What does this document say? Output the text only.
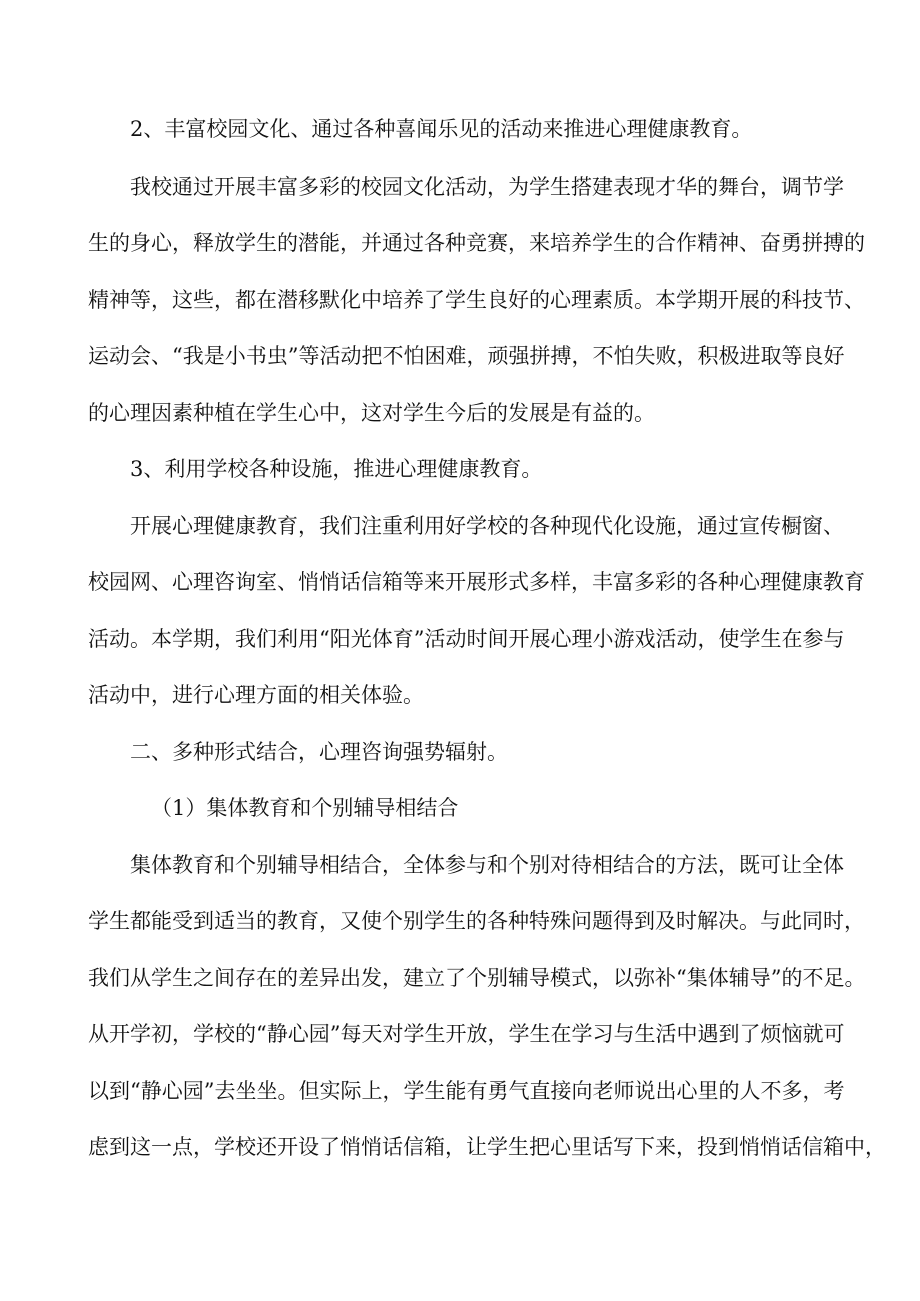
2、丰富校园文化、通过各种喜闻乐见的活动来推进心理健康教育。
我校通过开展丰富多彩的校园文化活动，为学生搭建表现才华的舞台，调节学
生的身心，释放学生的潜能，并通过各种竞赛，来培养学生的合作精神、奋勇拼搏的
精神等，这些，都在潜移默化中培养了学生良好的心理素质。本学期开展的科技节、
运动会、“我是小书虫”等活动把不怕困难，顽强拼搏，不怕失败，积极进取等良好
的心理因素种植在学生心中，这对学生今后的发展是有益的。
3、利用学校各种设施，推进心理健康教育。
开展心理健康教育，我们注重利用好学校的各种现代化设施，通过宣传橱窗、
校园网、心理咨询室、悄悄话信箱等来开展形式多样，丰富多彩的各种心理健康教育
活动。本学期，我们利用“阳光体育”活动时间开展心理小游戏活动，使学生在参与
活动中，进行心理方面的相关体验。
二、多种形式结合，心理咨询强势辐射。
（1）集体教育和个别辅导相结合
集体教育和个别辅导相结合，全体参与和个别对待相结合的方法，既可让全体
学生都能受到适当的教育，又使个别学生的各种特殊问题得到及时解决。与此同时，
我们从学生之间存在的差异出发，建立了个别辅导模式，以弥补“集体辅导”的不足。
从开学初，学校的“静心园”每天对学生开放，学生在学习与生活中遇到了烦恼就可
以到“静心园”去坐坐。但实际上，学生能有勇气直接向老师说出心里的人不多，考
虑到这一点，学校还开设了悄悄话信箱，让学生把心里话写下来，投到悄悄话信箱中，
